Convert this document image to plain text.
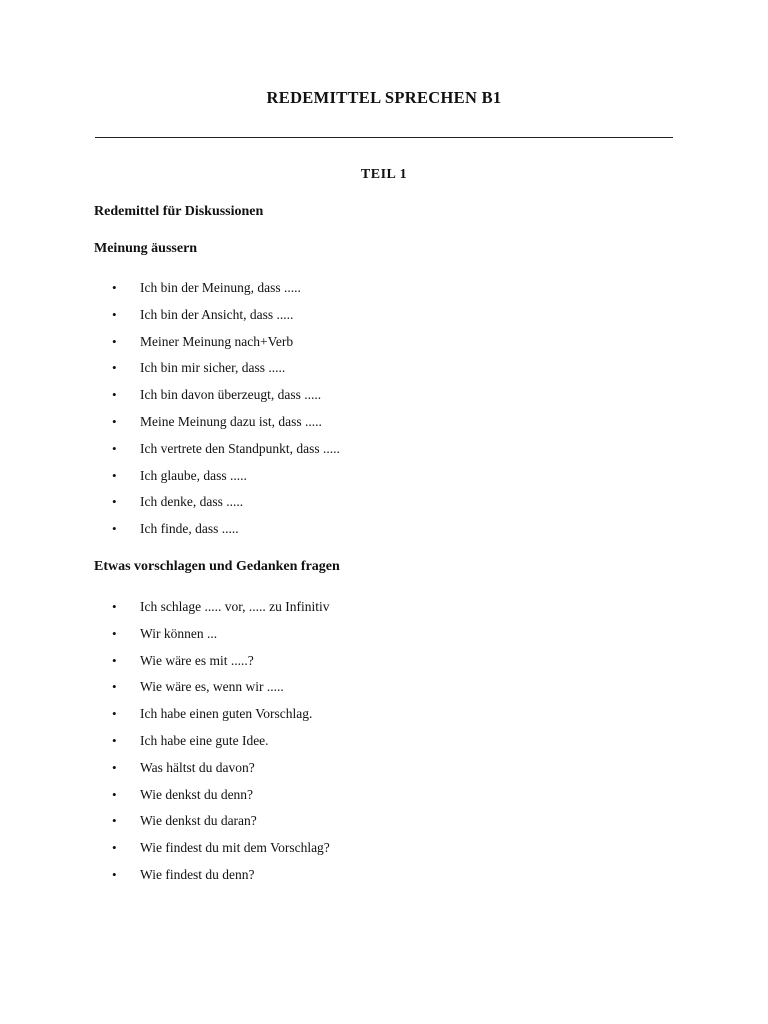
REDEMITTEL SPRECHEN B1
TEIL 1
Redemittel für Diskussionen
Meinung äussern
• Ich bin der Meinung, dass .....
• Ich bin der Ansicht, dass .....
• Meiner Meinung nach+Verb
• Ich bin mir sicher, dass .....
• Ich bin davon überzeugt, dass .....
• Meine Meinung dazu ist, dass .....
• Ich vertrete den Standpunkt, dass .....
• Ich glaube, dass .....
• Ich denke, dass .....
• Ich finde, dass .....
Etwas vorschlagen und Gedanken fragen
• Ich schlage ..... vor, ..... zu Infinitiv
• Wir können ...
• Wie wäre es mit .....?
• Wie wäre es, wenn wir .....
• Ich habe einen guten Vorschlag.
• Ich habe eine gute Idee.
• Was hältst du davon?
• Wie denkst du denn?
• Wie denkst du daran?
• Wie findest du mit dem Vorschlag?
• Wie findest du denn?
